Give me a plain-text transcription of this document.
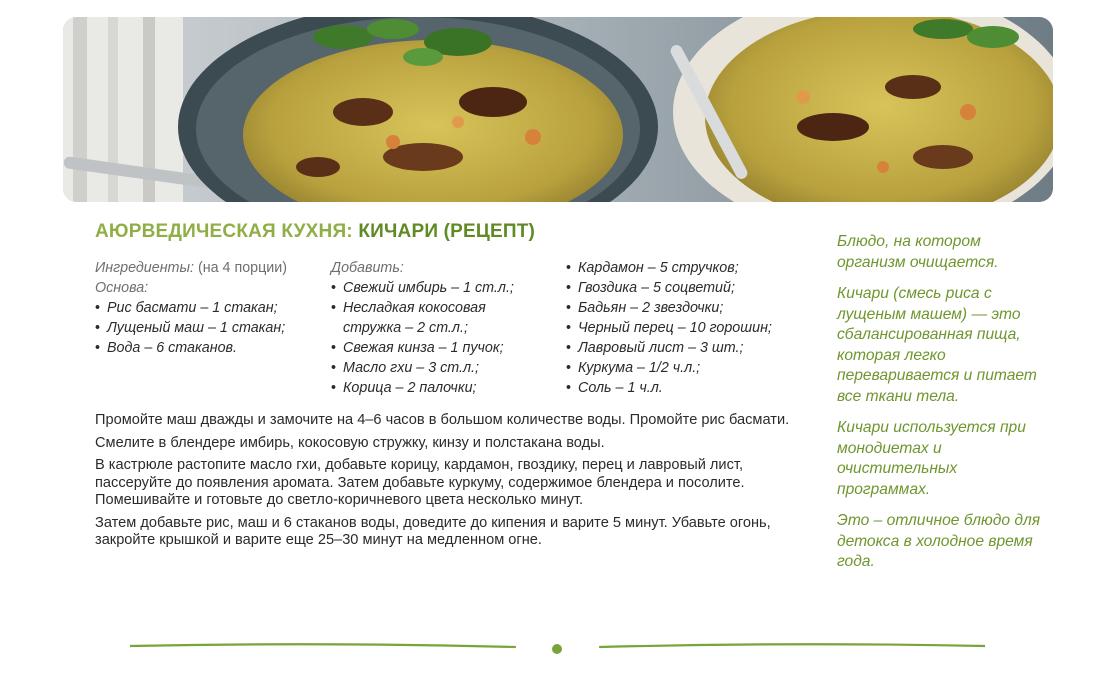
АЮРВЕДИЧЕСКАЯ КУХНЯ: КИЧАРИ (РЕЦЕПТ)
Ингредиенты: (на 4 порции)
Основа:
• Рис басмати – 1 стакан;
• Лущеный маш – 1 стакан;
• Вода – 6 стаканов.
Добавить:
• Свежий имбирь – 1 ст.л.;
• Несладкая кокосовая стружка – 2 ст.л.;
• Свежая кинза – 1 пучок;
• Масло гхи – 3 ст.л.;
• Корица – 2 палочки;
• Кардамон – 5 стручков;
• Гвоздика – 5 соцветий;
• Бадьян – 2 звездочки;
• Черный перец – 10 горошин;
• Лавровый лист – 3 шт.;
• Куркума – 1/2 ч.л.;
• Соль – 1 ч.л.

Промойте маш дважды и замочите на 4–6 часов в большом количестве воды. Промойте рис басмати.

Смелите в блендере имбирь, кокосовую стружку, кинзу и полстакана воды.

В кастрюле растопите масло гхи, добавьте корицу, кардамон, гвоздику, перец и лавровый лист, пассеруйте до появления аромата. Затем добавьте куркуму, содержимое блендера и посолите. Помешивайте и готовьте до светло-коричневого цвета несколько минут.

Затем добавьте рис, маш и 6 стаканов воды, доведите до кипения и варите 5 минут. Убавьте огонь, закройте крышкой и варите еще 25–30 минут на медленном огне.

Блюдо, на котором организм очищается.

Кичари (смесь риса с лущеным машем) — это сбалансированная пища, которая легко переваривается и питает все ткани тела.

Кичари используется при монодиетах и очистительных программах.

Это – отличное блюдо для детокса в холодное время года.
